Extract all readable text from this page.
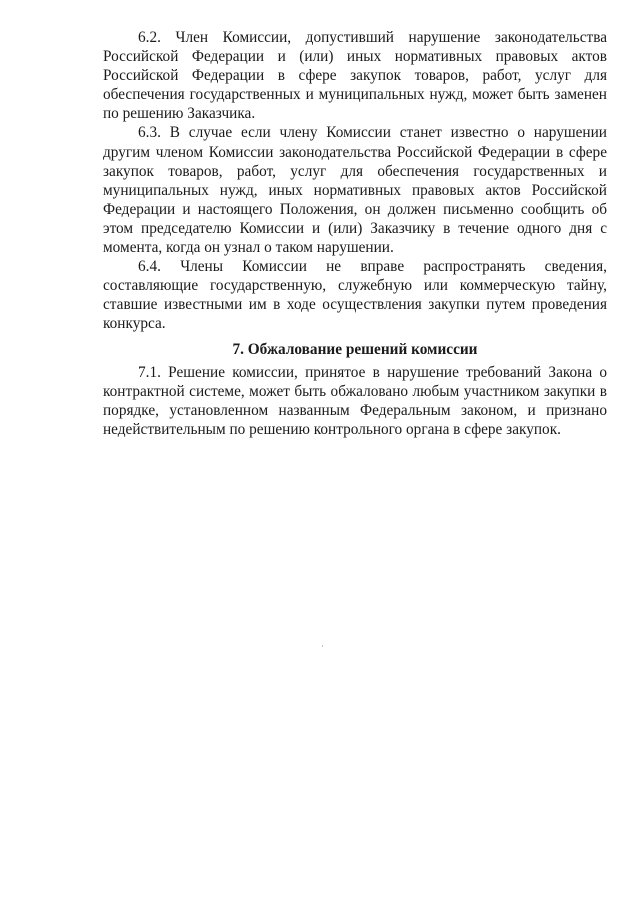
6.2. Член Комиссии, допустивший нарушение законодательства Российской Федерации и (или) иных нормативных правовых актов Российской Федерации в сфере закупок товаров, работ, услуг для обеспечения государственных и муниципальных нужд, может быть заменен по решению Заказчика.

6.3. В случае если члену Комиссии станет известно о нарушении другим членом Комиссии законодательства Российской Федерации в сфере закупок товаров, работ, услуг для обеспечения государственных и муниципальных нужд, иных нормативных правовых актов Российской Федерации и настоящего Положения, он должен письменно сообщить об этом председателю Комиссии и (или) Заказчику в течение одного дня с момента, когда он узнал о таком нарушении.

6.4. Члены Комиссии не вправе распространять сведения, составляющие государственную, служебную или коммерческую тайну, ставшие известными им в ходе осуществления закупки путем проведения конкурса.

7. Обжалование решений комиссии

7.1. Решение комиссии, принятое в нарушение требований Закона о контрактной системе, может быть обжаловано любым участником закупки в порядке, установленном названным Федеральным законом, и признано недействительным по решению контрольного органа в сфере закупок.
